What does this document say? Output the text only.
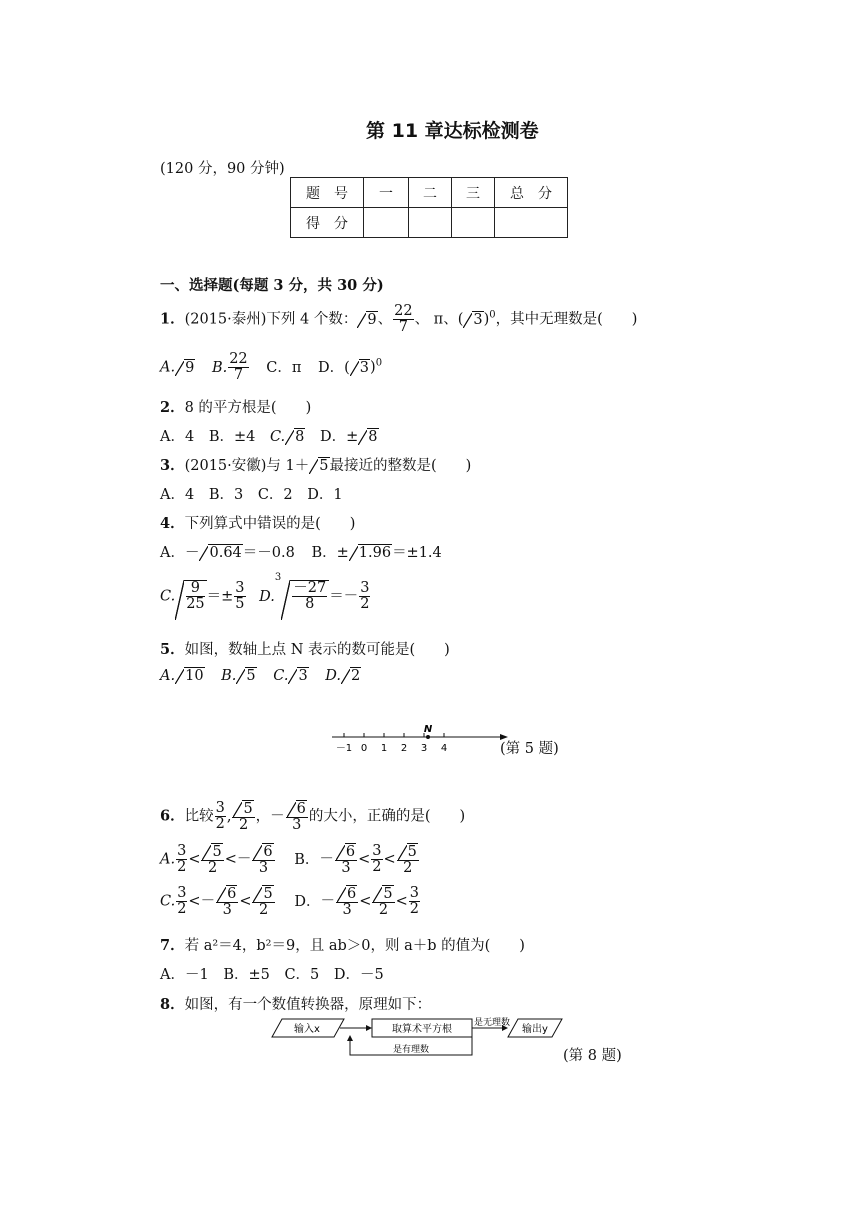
第 11 章达标检测卷
(120 分，90 分钟)
题　号	一	二	三	总　分
得　分				
一、选择题(每题 3 分，共 30 分)
1．(2015·泰州)下列 4 个数： 9、 $\frac{22}{7}$ 、 π、( 3)$^0$，其中无理数是(　　)
A. 9 B. $\frac{22}{7}$ C．π D．( 3)$^0$
2．8 的平方根是(　　)
A．4 B．±4 C. 8 D．± 8
3．(2015·安徽)与 1＋ 5最接近的整数是(　　)
A．4 B．3 C．2 D．1
4．下列算式中错误的是(　　)
A．－ 0.64＝－0.8 B．± 1.96＝±1.4
C. $\frac{9}{25} =\pm \frac{3}{5} D.^3$
$\frac{-27}{8} =- \frac{3}{2}$
5．如图，数轴上点 N 表示的数可能是(　　)
A. 10 B. 5 C. 3 D. 2
－1 0 1 2 3 4
N
(第 5 题)
6．比较 $\frac{3}{2}$ , $\frac{5}{2}$ ，－ $\frac{6}{3}$ 的大小，正确的是(　　)
A. $\frac{3}{2} < \frac{5}{2} <- \frac{6}{3}$ B．－ $\frac{6}{3} < \frac{3}{2} < \frac{5}{2}$
C. $\frac{3}{2} <- \frac{6}{3} < \frac{5}{2}$ D．－ $\frac{6}{3} < \frac{5}{2} < \frac{3}{2}$
7．若 a²＝4，b²＝9，且 ab＞0，则 a＋b 的值为(　　)
A．－1 B．±5 C．5 D．－5
8．如图，有一个数值转换器，原理如下：
输入x	取算术平方根
是无理数
输出y
是有理数	(第 8 题)
